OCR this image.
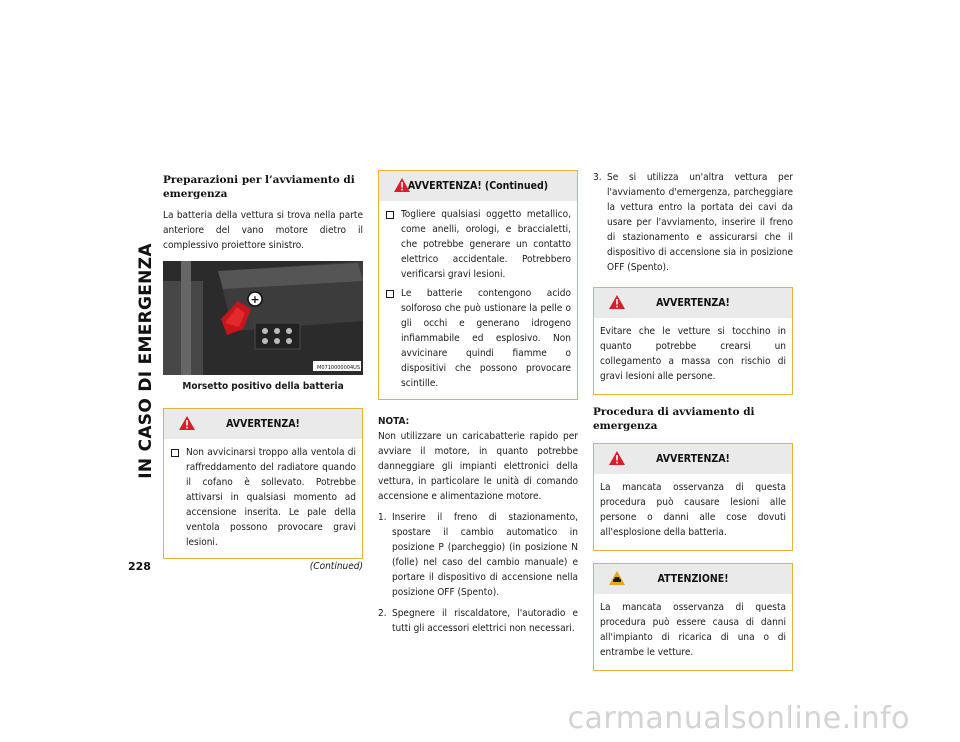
IN CASO DI EMERGENZA
228
Preparazioni per l’avviamento di emergenza
La batteria della vettura si trova nella parte anteriore del vano motore dietro il complessivo proiettore sinistro.
+
M0710000004US
Morsetto positivo della batteria
AVVERTENZA!
Non avvicinarsi troppo alla ventola di raffreddamento del radiatore quando il cofano è sollevato. Potrebbe attivarsi in qualsiasi momento ad accensione inserita. Le pale della ventola possono provocare gravi lesioni.
(Continued)
AVVERTENZA! (Continued)
Togliere qualsiasi oggetto metallico, come anelli, orologi, e braccialetti, che potrebbe generare un contatto elettrico accidentale. Potrebbero verificarsi gravi lesioni.
Le batterie contengono acido solforoso che può ustionare la pelle o gli occhi e generano idrogeno infiammabile ed esplosivo. Non avvicinare quindi fiamme o dispositivi che possono provocare scintille.
NOTA:
Non utilizzare un caricabatterie rapido per avviare il motore, in quanto potrebbe danneggiare gli impianti elettronici della vettura, in particolare le unità di comando accensione e alimentazione motore.
1. Inserire il freno di stazionamento, spostare il cambio automatico in posizione P (parcheggio) (in posizione N (folle) nel caso del cambio manuale) e portare il dispositivo di accensione nella posizione OFF (Spento).
2. Spegnere il riscaldatore, l'autoradio e tutti gli accessori elettrici non necessari.
3. Se si utilizza un'altra vettura per l'avviamento d'emergenza, parcheggiare la vettura entro la portata dei cavi da usare per l'avviamento, inserire il freno di stazionamento e assicurarsi che il dispositivo di accensione sia in posizione OFF (Spento).
AVVERTENZA!
Evitare che le vetture si tocchino in quanto potrebbe crearsi un collegamento a massa con rischio di gravi lesioni alle persone.
Procedura di avviamento di emergenza
AVVERTENZA!
La mancata osservanza di questa procedura può causare lesioni alle persone o danni alle cose dovuti all'esplosione della batteria.
ATTENZIONE!
La mancata osservanza di questa procedura può essere causa di danni all'impianto di ricarica di una o di entrambe le vetture.
carmanualsonline.info
